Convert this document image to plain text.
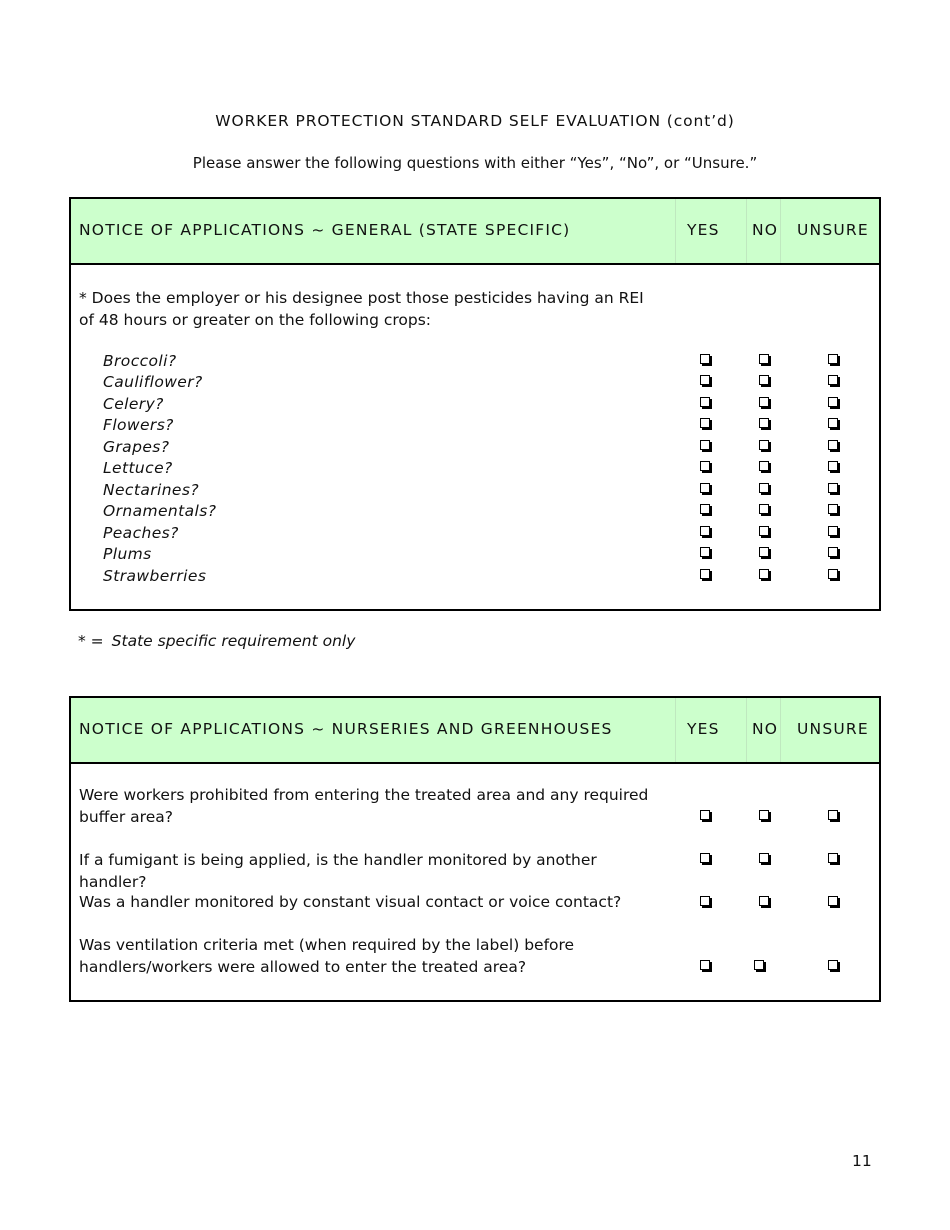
WORKER PROTECTION STANDARD SELF EVALUATION (cont’d)
Please answer the following questions with either “Yes”, “No”, or “Unsure.”
NOTICE OF APPLICATIONS ~ GENERAL (STATE SPECIFIC)	YES NO UNSURE
* Does the employer or his designee post those pesticides having an REI of 48 hours or greater on the following crops:
Broccoli?
Cauliflower?
Celery?
Flowers?
Grapes?
Lettuce?
Nectarines?
Ornamentals?
Peaches?
Plums
Strawberries
* = State specific requirement only
NOTICE OF APPLICATIONS ~ NURSERIES AND GREENHOUSES	YES NO UNSURE
Were workers prohibited from entering the treated area and any required buffer area?
If a fumigant is being applied, is the handler monitored by another handler?
Was a handler monitored by constant visual contact or voice contact?
Was ventilation criteria met (when required by the label) before handlers/workers were allowed to enter the treated area?
11
